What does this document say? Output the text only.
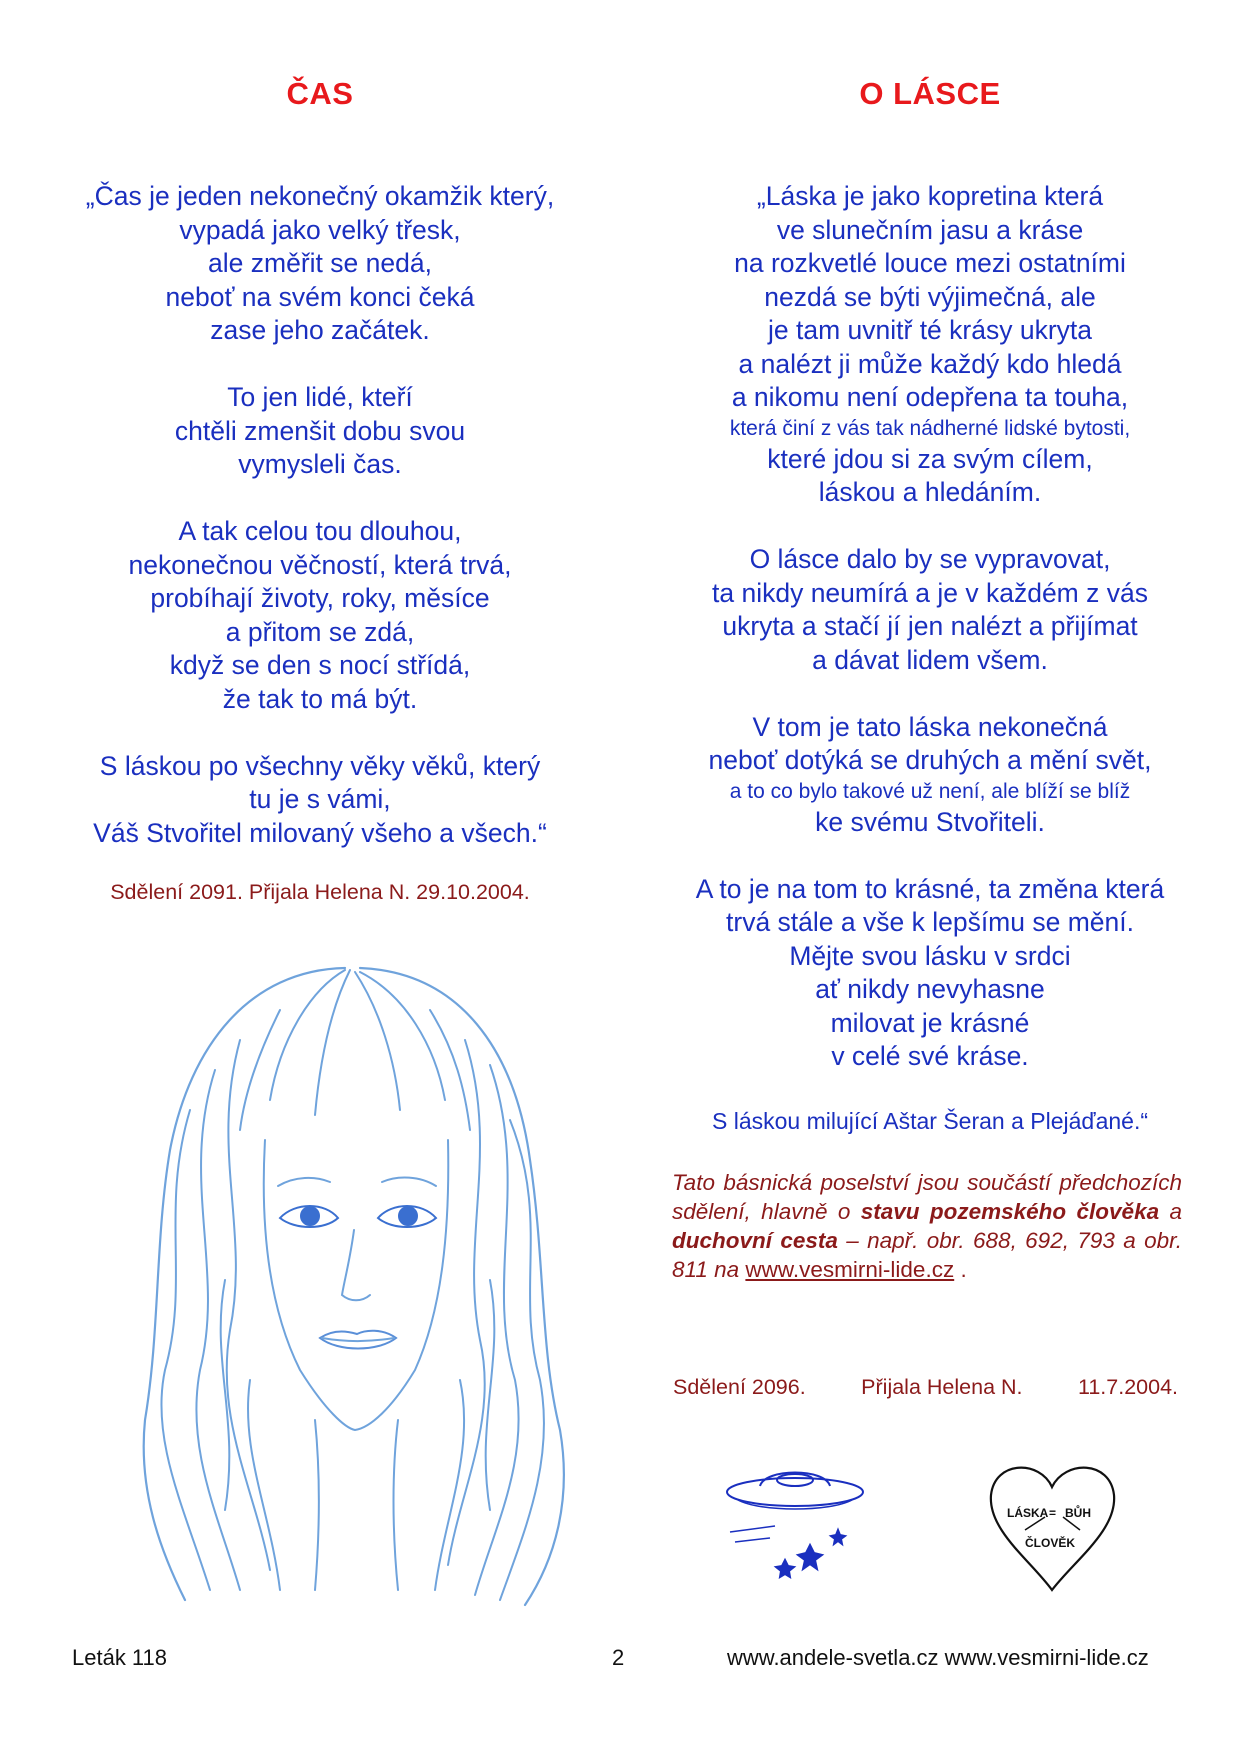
ČAS
„Čas je jeden nekonečný okamžik který,
vypadá jako velký třesk,
ale změřit se nedá,
neboť na svém konci čeká
zase jeho začátek.
To jen lidé, kteří
chtěli zmenšit dobu svou
vymysleli čas.
A tak celou tou dlouhou,
nekonečnou věčností, která trvá,
probíhají životy, roky, měsíce
a přitom se zdá,
když se den s nocí střídá,
že tak to má být.
S láskou po všechny věky věků, který
tu je s vámi,
Váš Stvořitel milovaný všeho a všech.“
Sdělení 2091. Přijala Helena N. 29.10.2004.
O LÁSCE
„Láska je jako kopretina která
ve slunečním jasu a kráse
na rozkvetlé louce mezi ostatními
nezdá se býti výjimečná, ale
je tam uvnitř té krásy ukryta
a nalézt ji může každý kdo hledá
a nikomu není odepřena ta touha,
která činí z vás tak nádherné lidské bytosti,
které jdou si za svým cílem,
láskou a hledáním.
O lásce dalo by se vypravovat,
ta nikdy neumírá a je v každém z vás
ukryta a stačí jí jen nalézt a přijímat
a dávat lidem všem.
V tom je tato láska nekonečná
neboť dotýká se druhých a mění svět,
a to co bylo takové už není, ale blíží se blíž
ke svému Stvořiteli.
A to je na tom to krásné, ta změna která
trvá stále a vše k lepšímu se mění.
Mějte svou lásku v srdci
ať nikdy nevyhasne
milovat je krásné
v celé své kráse.
S láskou milující Aštar Šeran a Plejáďané.“
Tato básnická poselství jsou součástí předchozích sdělení, hlavně o stavu pozemského člověka a duchovní cesta – např. obr. 688, 692, 793 a obr. 811 na www.vesmirni-lide.cz .
Sdělení 2096.	Přijala Helena N.	11.7.2004.
LÁSKA = BŮH
ČLOVĚK
Leták 118	2	www.andele-svetla.cz www.vesmirni-lide.cz
